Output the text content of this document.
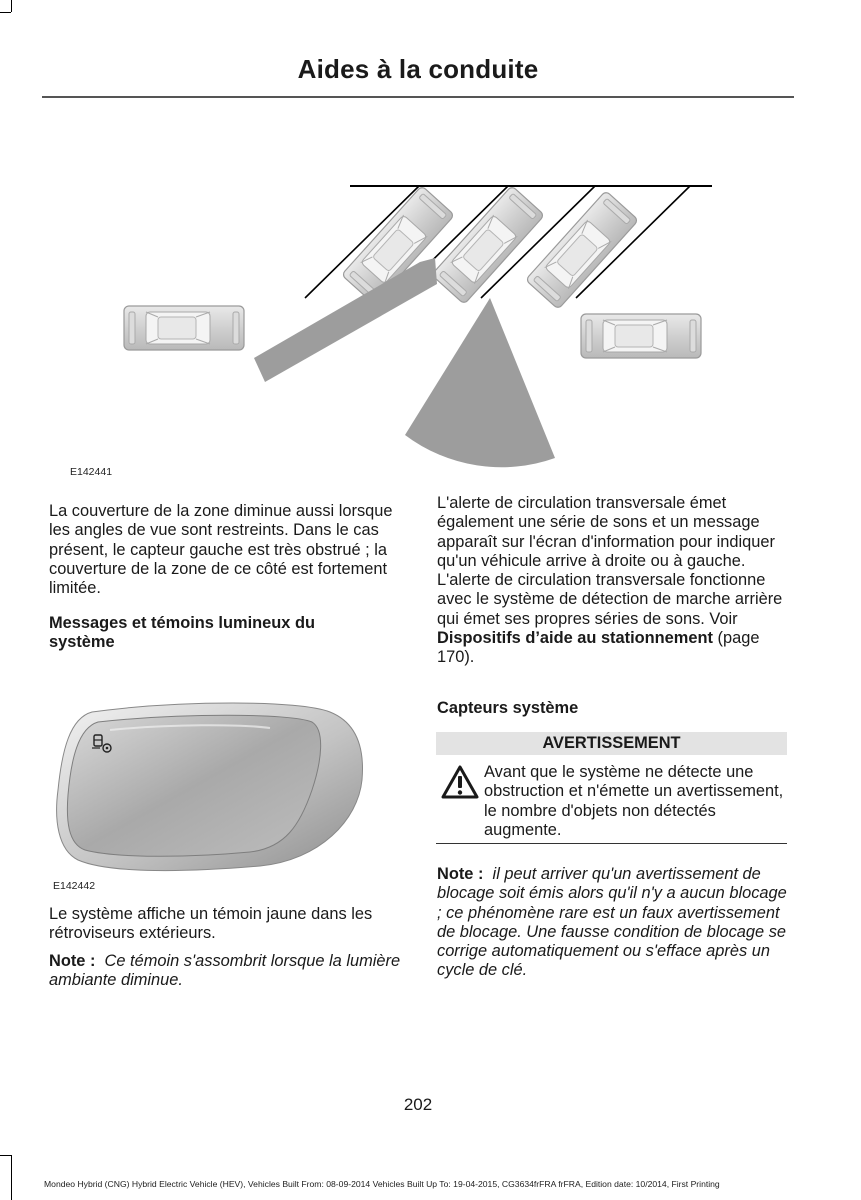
Aides à la conduite
E142441

La couverture de la zone diminue aussi lorsque les angles de vue sont restreints. Dans le cas présent, le capteur gauche est très obstrué ; la couverture de la zone de ce côté est fortement limitée.

Messages et témoins lumineux du
système
E142442
Le système affiche un témoin jaune dans les rétroviseurs extérieurs.
Note : Ce témoin s'assombrit lorsque la lumière ambiante diminue.
L'alerte de circulation transversale émet également une série de sons et un message apparaît sur l'écran d'information pour indiquer qu'un véhicule arrive à droite ou à gauche. L'alerte de circulation transversale fonctionne avec le système de détection de marche arrière qui émet ses propres séries de sons. Voir Dispositifs d’aide au stationnement (page 170).
Capteurs système
AVERTISSEMENT
Avant que le système ne détecte une obstruction et n'émette un avertissement, le nombre d'objets non détectés augmente.
Note : il peut arriver qu'un avertissement de blocage soit émis alors qu'il n'y a aucun blocage ; ce phénomène rare est un faux avertissement de blocage. Une fausse condition de blocage se corrige automatiquement ou s'efface après un cycle de clé.
202
Mondeo Hybrid (CNG) Hybrid Electric Vehicle (HEV), Vehicles Built From: 08-09-2014 Vehicles Built Up To: 19-04-2015, CG3634frFRA frFRA, Edition date: 10/2014, First Printing
